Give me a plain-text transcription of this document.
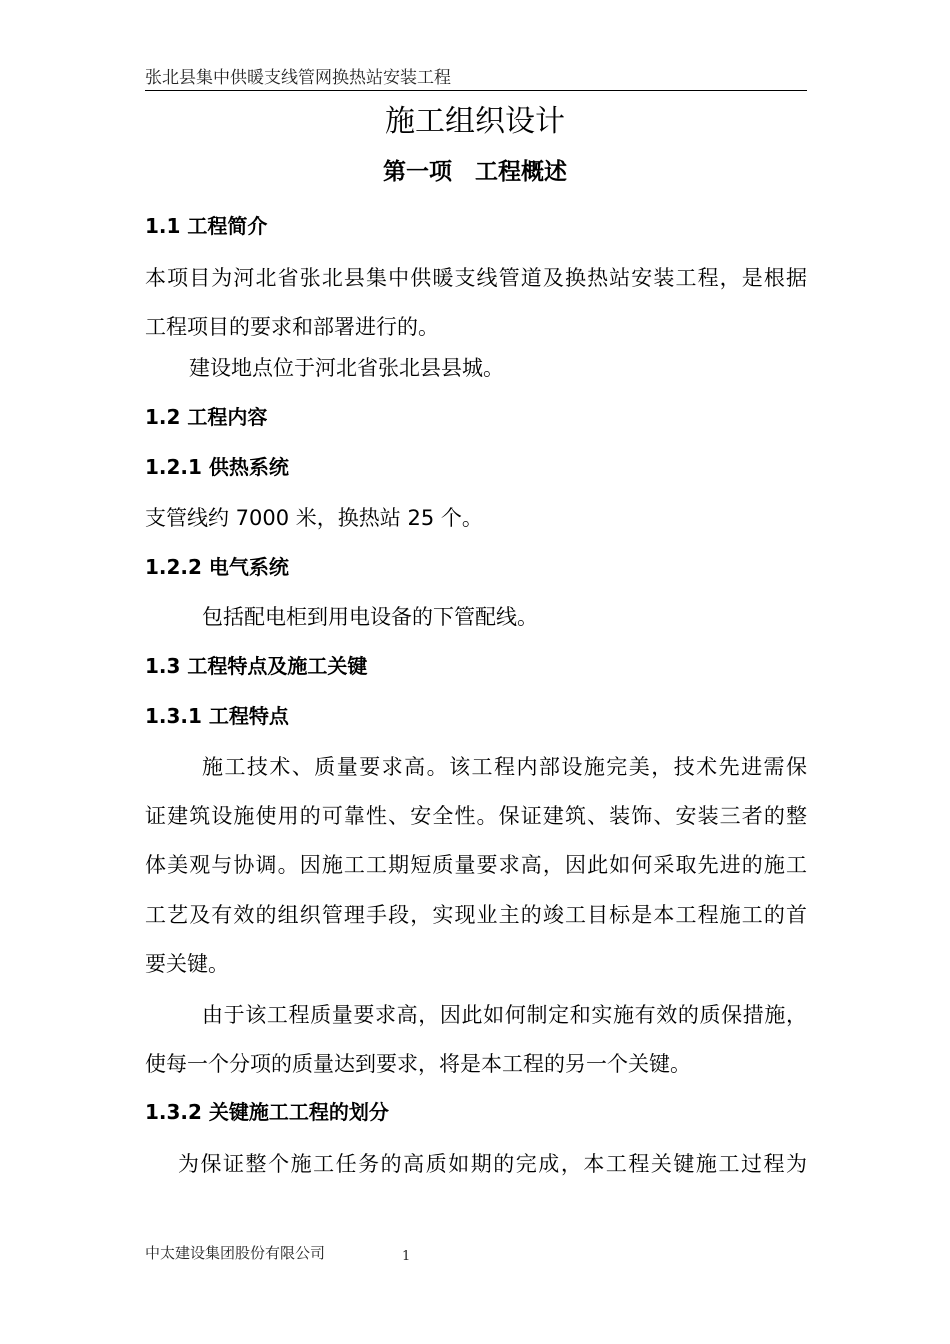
张北县集中供暖支线管网换热站安装工程
施工组织设计
第一项　工程概述
1.1 工程简介
本项目为河北省张北县集中供暖支线管道及换热站安装工程，是根据
工程项目的要求和部署进行的。
建设地点位于河北省张北县县城。
1.2 工程内容
1.2.1 供热系统
支管线约 7000 米，换热站 25 个。
1.2.2 电气系统
包括配电柜到用电设备的下管配线。
1.3 工程特点及施工关键
1.3.1 工程特点
施工技术、质量要求高。该工程内部设施完美，技术先进需保
证建筑设施使用的可靠性、安全性。保证建筑、装饰、安装三者的整
体美观与协调。因施工工期短质量要求高，因此如何采取先进的施工
工艺及有效的组织管理手段，实现业主的竣工目标是本工程施工的首
要关键。
由于该工程质量要求高，因此如何制定和实施有效的质保措施，
使每一个分项的质量达到要求，将是本工程的另一个关键。
1.3.2 关键施工工程的划分
为保证整个施工任务的高质如期的完成，本工程关键施工过程为
中太建设集团股份有限公司	1
